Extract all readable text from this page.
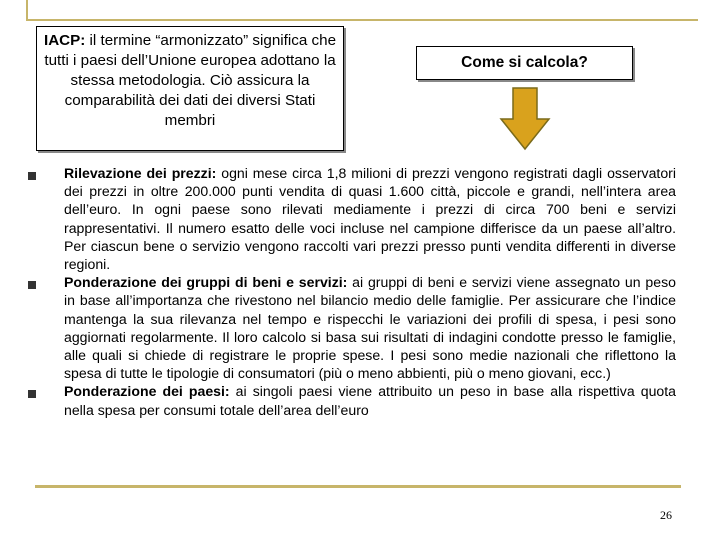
IACP: il termine “armonizzato” significa che tutti i paesi dell’Unione europea adottano la stessa metodologia. Ciò assicura la comparabilità dei dati dei diversi Stati membri
Come si calcola?
Rilevazione dei prezzi: ogni mese circa 1,8 milioni di prezzi vengono registrati dagli osservatori dei prezzi in oltre 200.000 punti vendita di quasi 1.600 città, piccole e grandi, nell’intera area dell’euro. In ogni paese sono rilevati mediamente i prezzi di circa 700 beni e servizi rappresentativi. Il numero esatto delle voci incluse nel campione differisce da un paese all’altro. Per ciascun bene o servizio vengono raccolti vari prezzi presso punti vendita differenti in diverse regioni.
Ponderazione dei gruppi di beni e servizi: ai gruppi di beni e servizi viene assegnato un peso in base all’importanza che rivestono nel bilancio medio delle famiglie. Per assicurare che l’indice mantenga la sua rilevanza nel tempo e rispecchi le variazioni dei profili di spesa, i pesi sono aggiornati regolarmente. Il loro calcolo si basa sui risultati di indagini condotte presso le famiglie, alle quali si chiede di registrare le proprie spese. I pesi sono medie nazionali che riflettono la spesa di tutte le tipologie di consumatori (più o meno abbienti, più o meno giovani, ecc.)
Ponderazione dei paesi: ai singoli paesi viene attribuito un peso in base alla rispettiva quota nella spesa per consumi totale dell’area dell’euro
26
